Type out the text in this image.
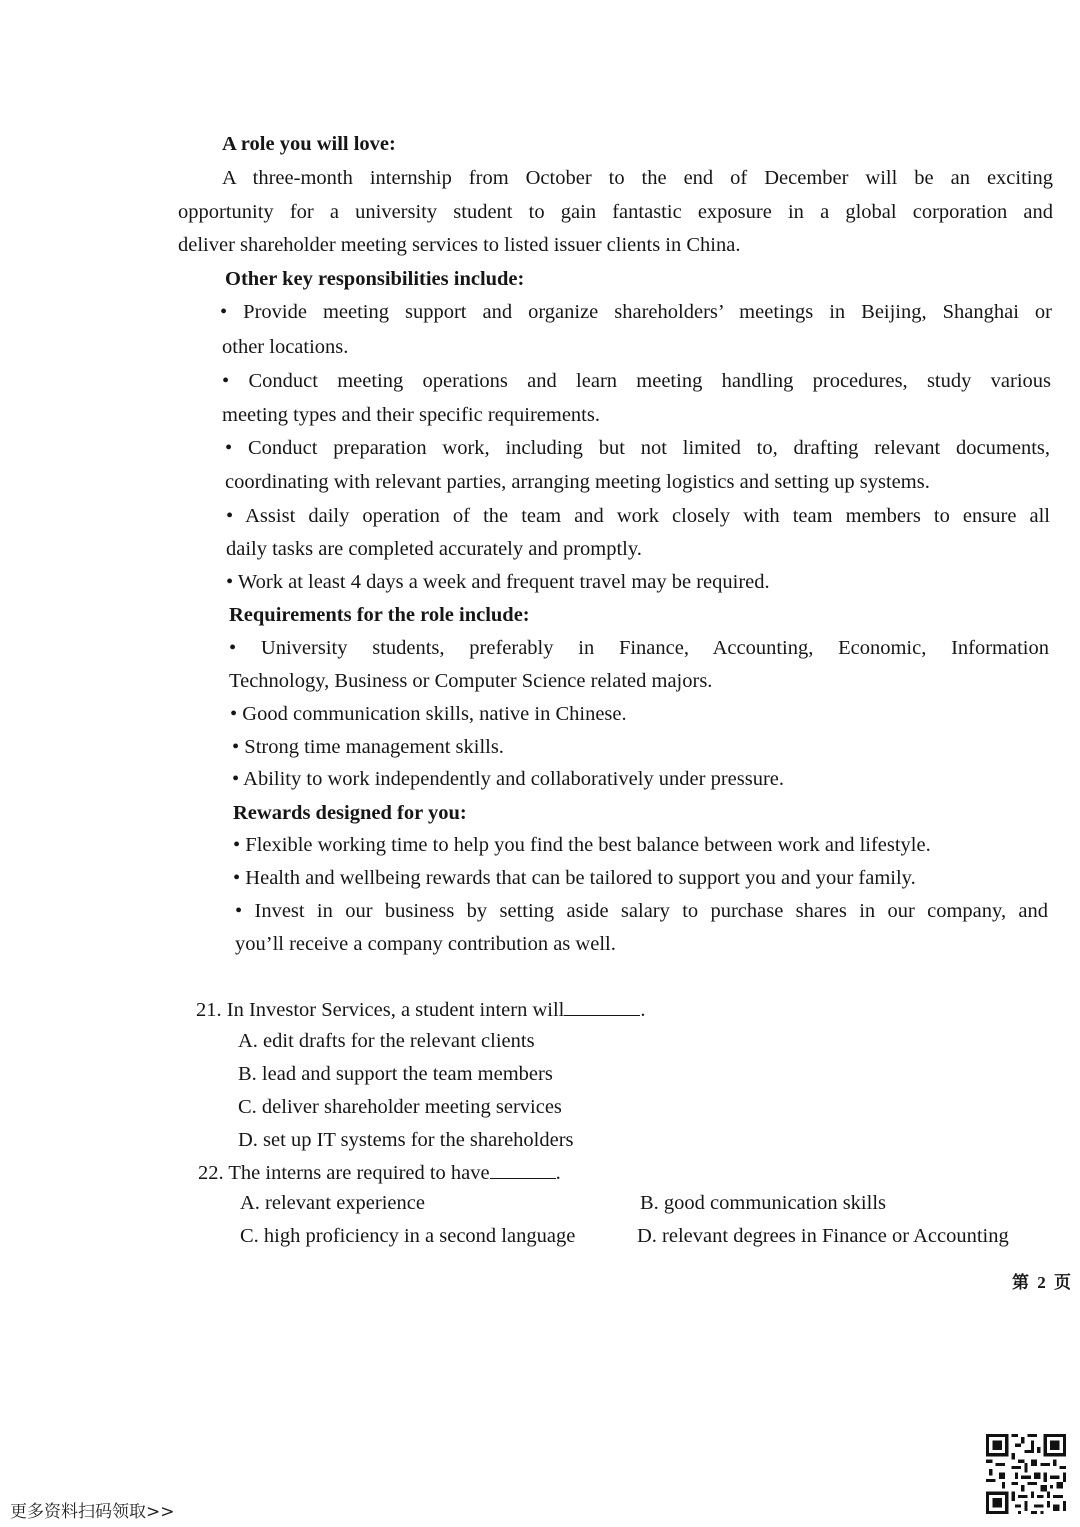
A role you will love:
A three-month internship from October to the end of December will be an exciting
opportunity for a university student to gain fantastic exposure in a global corporation and
deliver shareholder meeting services to listed issuer clients in China.
Other key responsibilities include:
• Provide meeting support and organize shareholders’ meetings in Beijing, Shanghai or
other locations.
• Conduct meeting operations and learn meeting handling procedures, study various
meeting types and their specific requirements.
• Conduct preparation work, including but not limited to, drafting relevant documents,
coordinating with relevant parties, arranging meeting logistics and setting up systems.
• Assist daily operation of the team and work closely with team members to ensure all
daily tasks are completed accurately and promptly.
• Work at least 4 days a week and frequent travel may be required.
Requirements for the role include:
• University students, preferably in Finance, Accounting, Economic, Information
Technology, Business or Computer Science related majors.
• Good communication skills, native in Chinese.
• Strong time management skills.
• Ability to work independently and collaboratively under pressure.
Rewards designed for you:
• Flexible working time to help you find the best balance between work and lifestyle.
• Health and wellbeing rewards that can be tailored to support you and your family.
• Invest in our business by setting aside salary to purchase shares in our company, and
you’ll receive a company contribution as well.
21. In Investor Services, a student intern will	.
A. edit drafts for the relevant clients
B. lead and support the team members
C. deliver shareholder meeting services
D. set up IT systems for the shareholders
22. The interns are required to have	.
A. relevant experience	B. good communication skills
C. high proficiency in a second language	D. relevant degrees in Finance or Accounting
第 2 页
更多资料扫码领取>>
